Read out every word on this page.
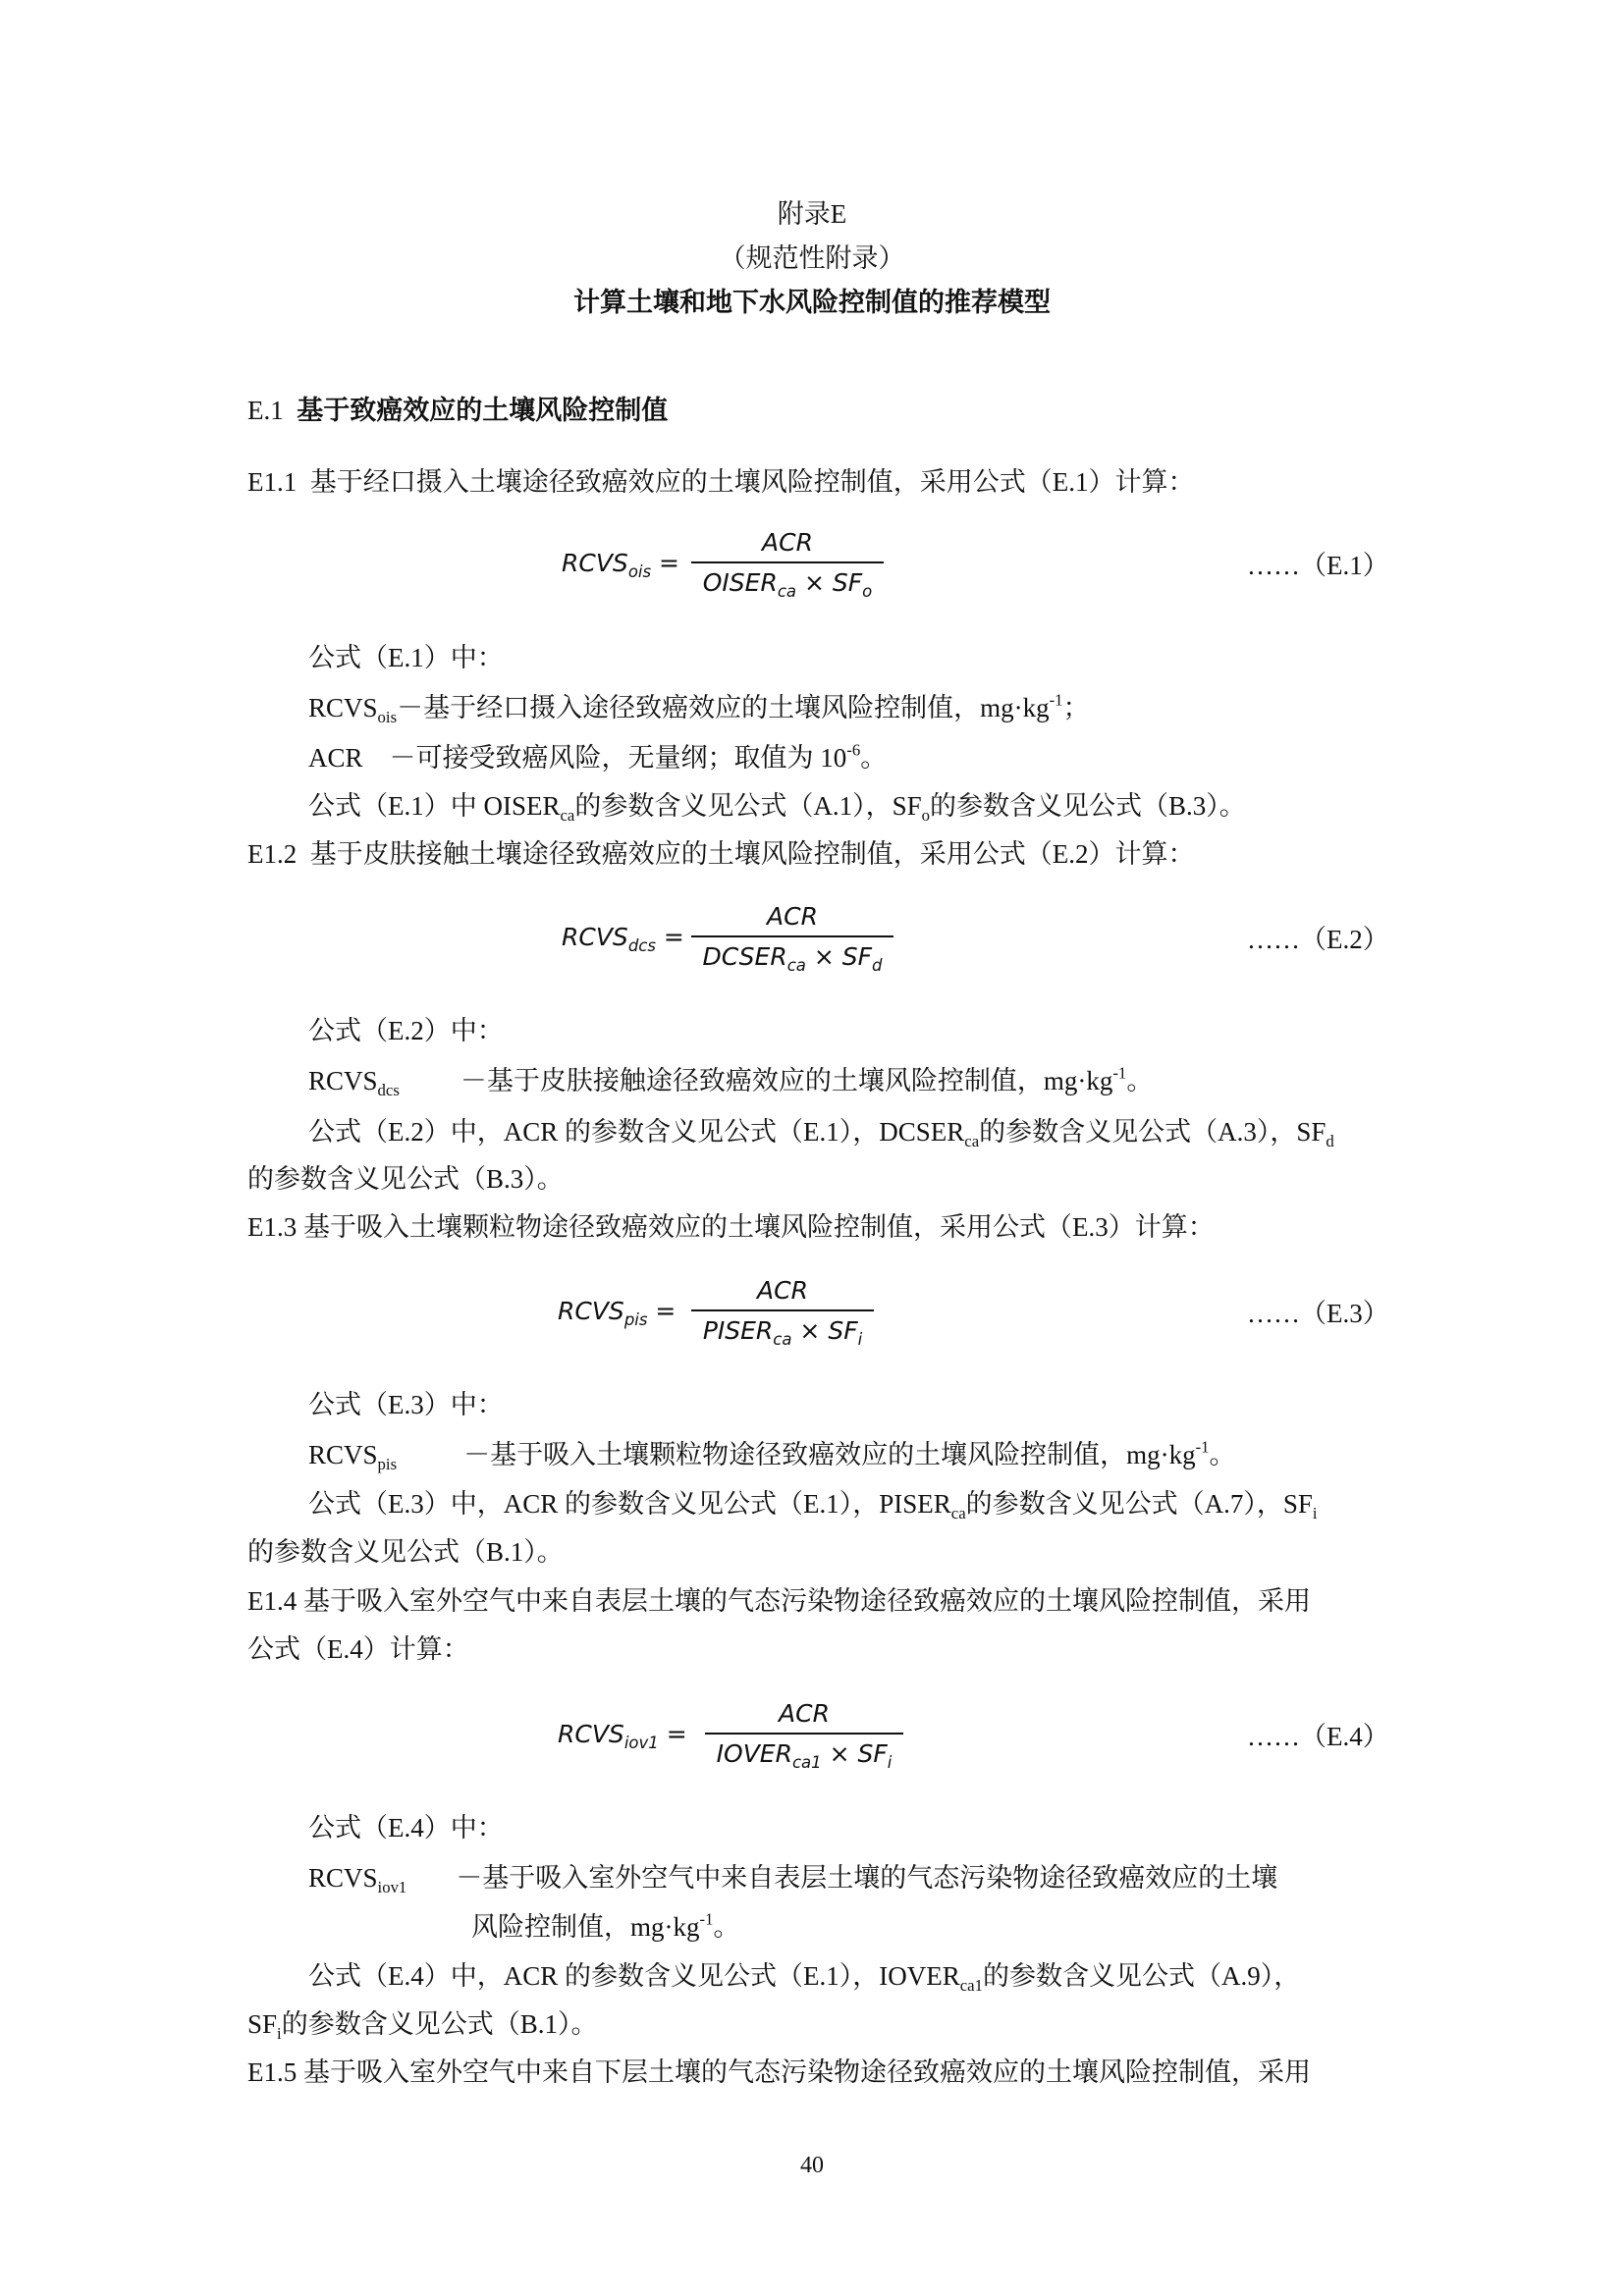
附录E
（规范性附录）
计算土壤和地下水风险控制值的推荐模型
E.1 基于致癌效应的土壤风险控制值
E1.1 基于经口摄入土壤途径致癌效应的土壤风险控制值，采用公式（E.1）计算：
$RCVS_{ois}$ =
ACR
$OISER_{ca} \times SF_o$
……（E.1）
公式（E.1）中：
$RCVS_{ois}-$基于经口摄入途径致癌效应的土壤风险控制值，$mg\cdot kg^{-1}$；
ACR －可接受致癌风险，无量纲；取值为 $10^{-6}$。
公式（E.1）中 $OISER_{ca}$的参数含义见公式（A.1），$SF_o$的参数含义见公式（B.3）。
E1.2 基于皮肤接触土壤途径致癌效应的土壤风险控制值，采用公式（E.2）计算：
$RCVS_{dcs}$ =
ACR
$DCSER_{ca} \times SF_d$
……（E.2）
公式（E.2）中：
$RCVS_{dcs}$ －基于皮肤接触途径致癌效应的土壤风险控制值，$mg\cdot kg^{-1}$。
公式（E.2）中，ACR 的参数含义见公式（E.1），$DCSER_{ca}$的参数含义见公式（A.3），$SF_d$
的参数含义见公式（B.3）。
E1.3 基于吸入土壤颗粒物途径致癌效应的土壤风险控制值，采用公式（E.3）计算：
$RCVS_{pis}$ =
ACR
$PISER_{ca} \times SF_i$
……（E.3）
公式（E.3）中：
$RCVS_{pis}$	－基于吸入土壤颗粒物途径致癌效应的土壤风险控制值，$mg\cdot kg^{-1}$。
公式（E.3）中，ACR 的参数含义见公式（E.1），$PISER_{ca}$的参数含义见公式（A.7），$SF_i$
的参数含义见公式（B.1）。
E1.4 基于吸入室外空气中来自表层土壤的气态污染物途径致癌效应的土壤风险控制值，采用
公式（E.4）计算：
$RCVS_{iov1}$ =
ACR
$IOVER_{ca1} \times SF_i$
……（E.4）
公式（E.4）中：
$RCVS_{iov1}$ －基于吸入室外空气中来自表层土壤的气态污染物途径致癌效应的土壤
风险控制值，$mg\cdot kg^{-1}$。
公式（E.4）中，ACR 的参数含义见公式（E.1），$IOVER_{ca1}$的参数含义见公式（A.9），
$SF_i$的参数含义见公式（B.1）。
E1.5 基于吸入室外空气中来自下层土壤的气态污染物途径致癌效应的土壤风险控制值，采用
40
